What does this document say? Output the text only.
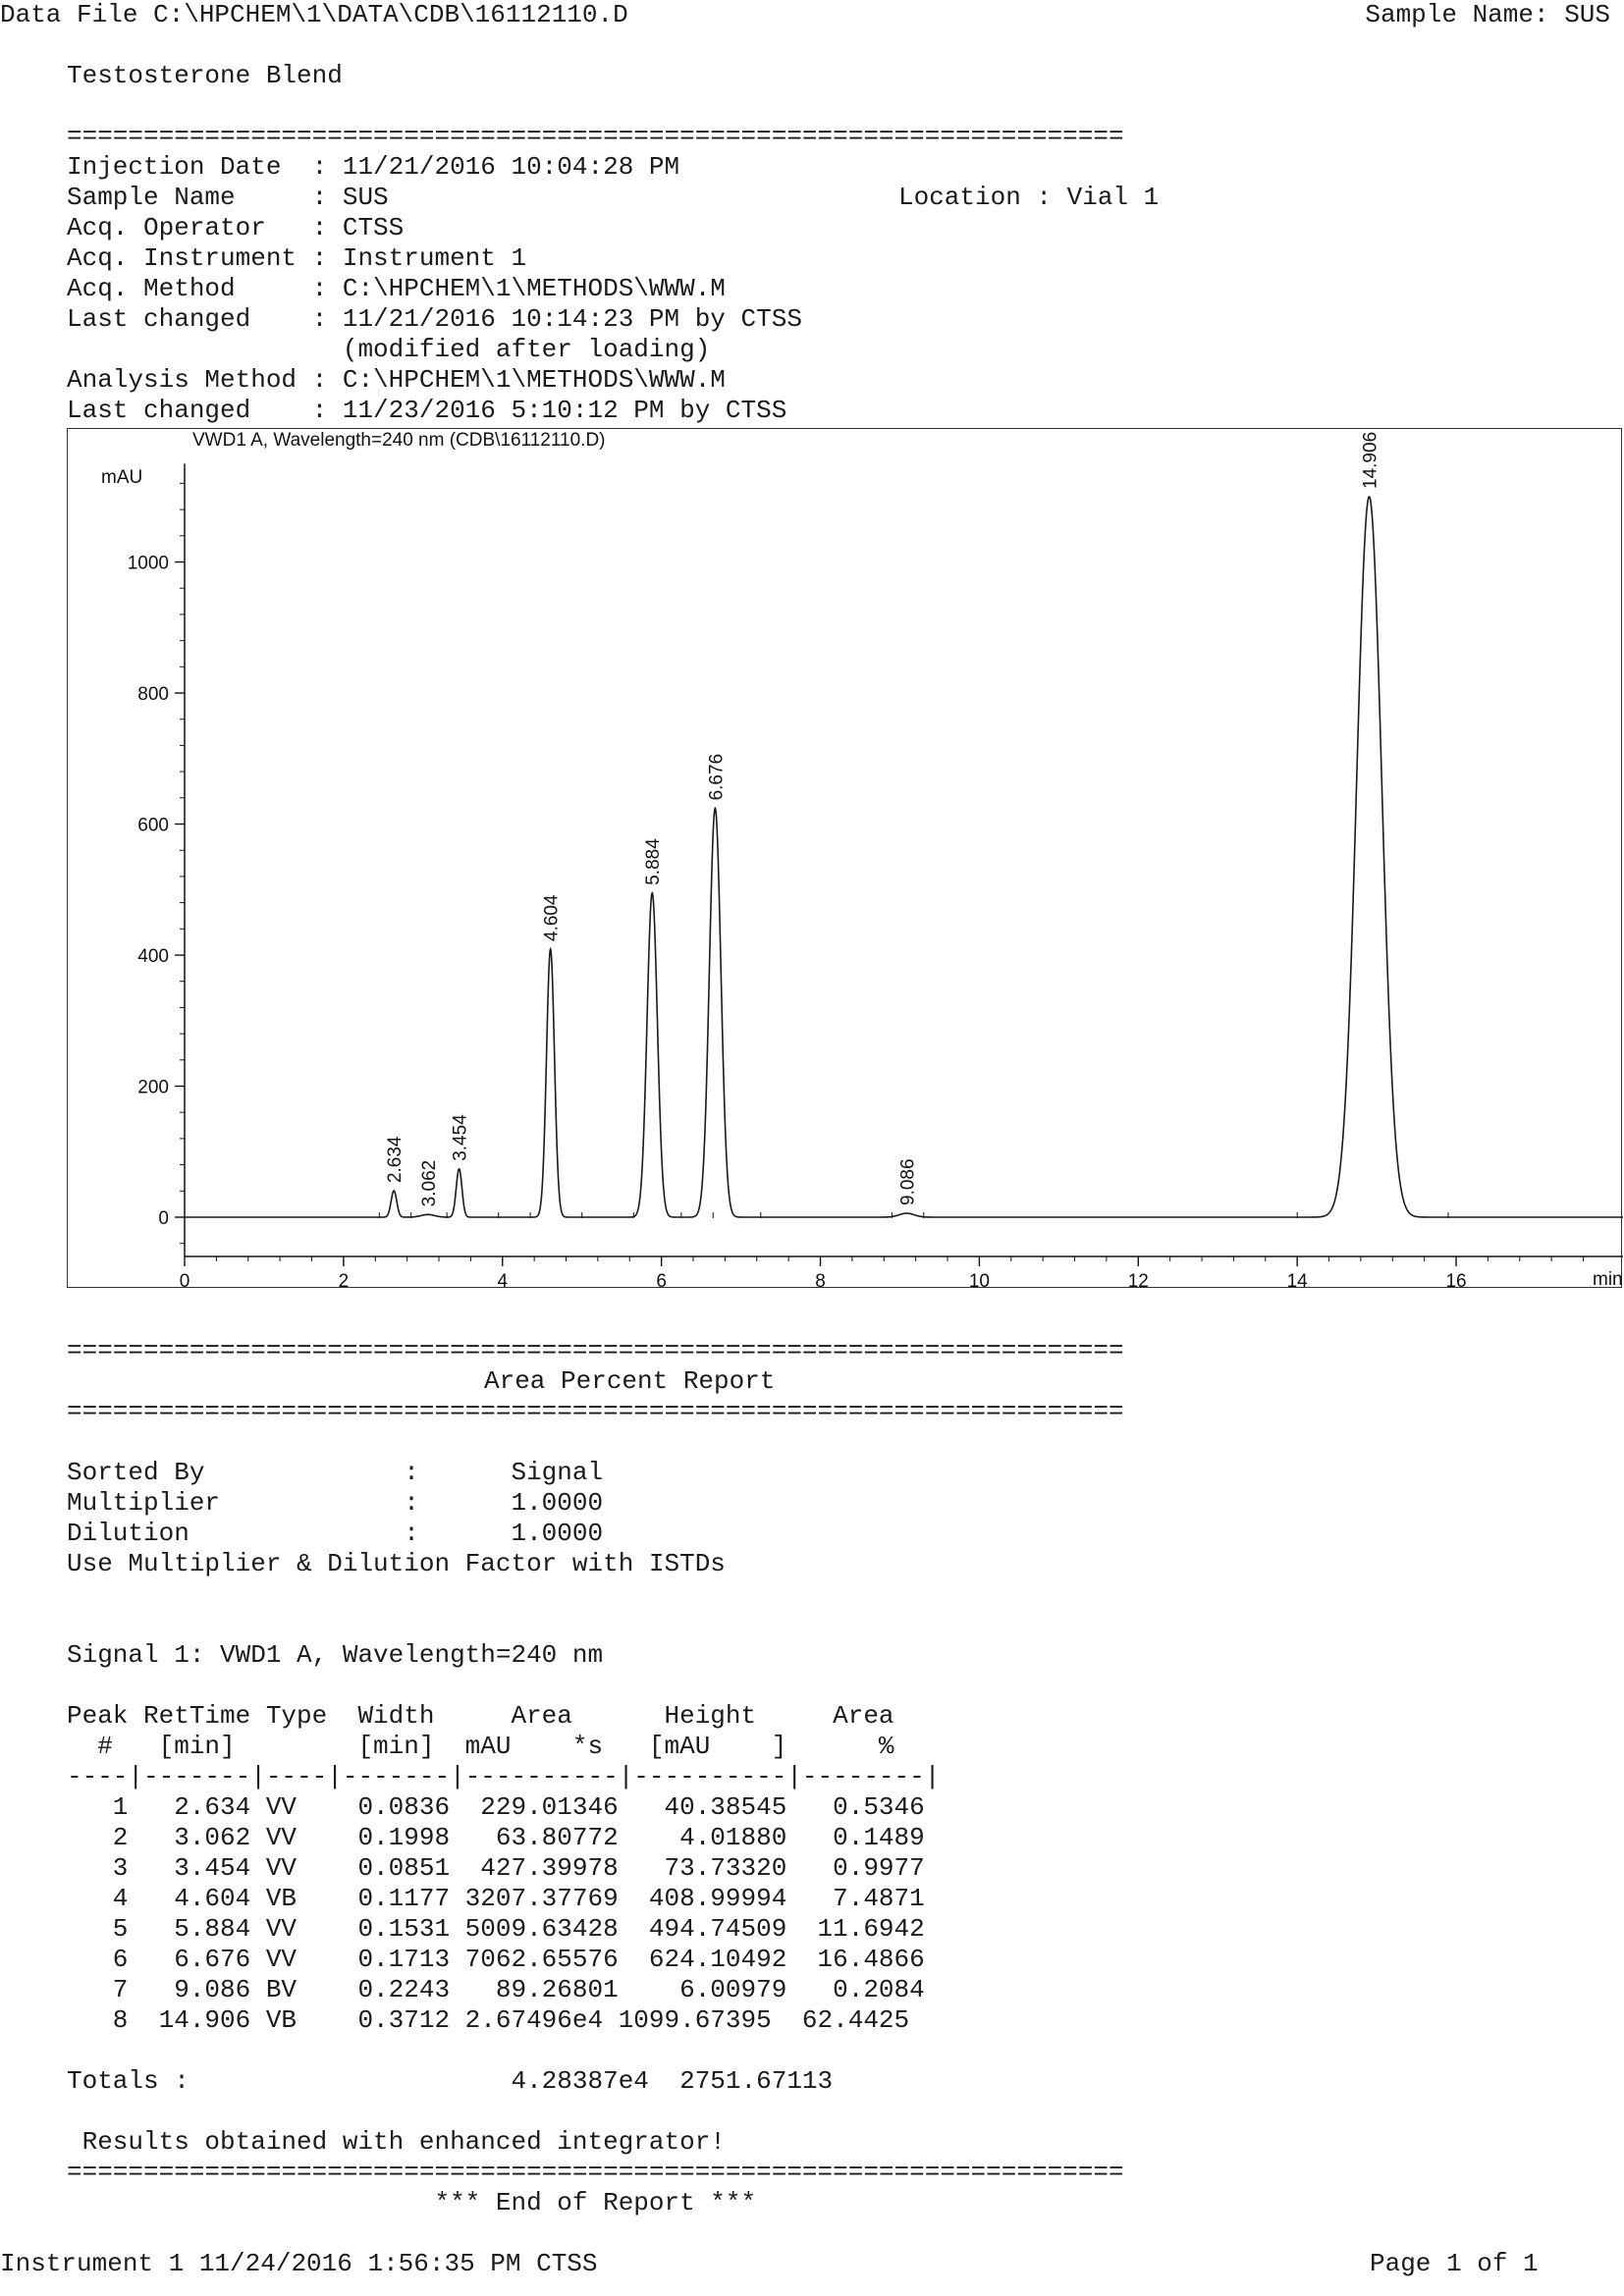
Data File C:\HPCHEM\1\DATA\CDB\16112110.D	Sample Name: SUS
Testosterone Blend
=====================================================================
Injection Date  : 11/21/2016 10:04:28 PM
Sample Name     : SUS
Acq. Operator   : CTSS
Acq. Instrument : Instrument 1
Acq. Method     : C:\HPCHEM\1\METHODS\WWW.M
Last changed    : 11/21/2016 10:14:23 PM by CTSS
(modified after loading)
Analysis Method : C:\HPCHEM\1\METHODS\WWW.M
Last changed    : 11/23/2016 5:10:12 PM by CTSS
Location : Vial 1
VWD1 A, Wavelength=240 nm (CDB\16112110.D)
mAU
min
0
200
400
600
800
1000
0	2	4	6	8	10	12	14	16
2.634
3.062
3.454
4.604
5.884
6.676
9.086
14.906
=====================================================================
Area Percent Report
=====================================================================
Sorted By             :      Signal
Multiplier            :      1.0000
Dilution              :      1.0000
Use Multiplier & Dilution Factor with ISTDs
Signal 1: VWD1 A, Wavelength=240 nm
Peak RetTime Type  Width     Area      Height     Area
#   [min]        [min]  mAU    *s   [mAU    ]      %
----|-------|----|-------|----------|----------|--------|
1   2.634 VV    0.0836  229.01346   40.38545   0.5346
2   3.062 VV    0.1998   63.80772    4.01880   0.1489
3   3.454 VV    0.0851  427.39978   73.73320   0.9977
4   4.604 VB    0.1177 3207.37769  408.99994   7.4871
5   5.884 VV    0.1531 5009.63428  494.74509  11.6942
6   6.676 VV    0.1713 7062.65576  624.10492  16.4866
7   9.086 BV    0.2243   89.26801    6.00979   0.2084
8  14.906 VB    0.3712 2.67496e4 1099.67395  62.4425
Totals :                     4.28387e4  2751.67113
Results obtained with enhanced integrator!
=====================================================================
*** End of Report ***
Instrument 1 11/24/2016 1:56:35 PM CTSS	Page 1 of 1
